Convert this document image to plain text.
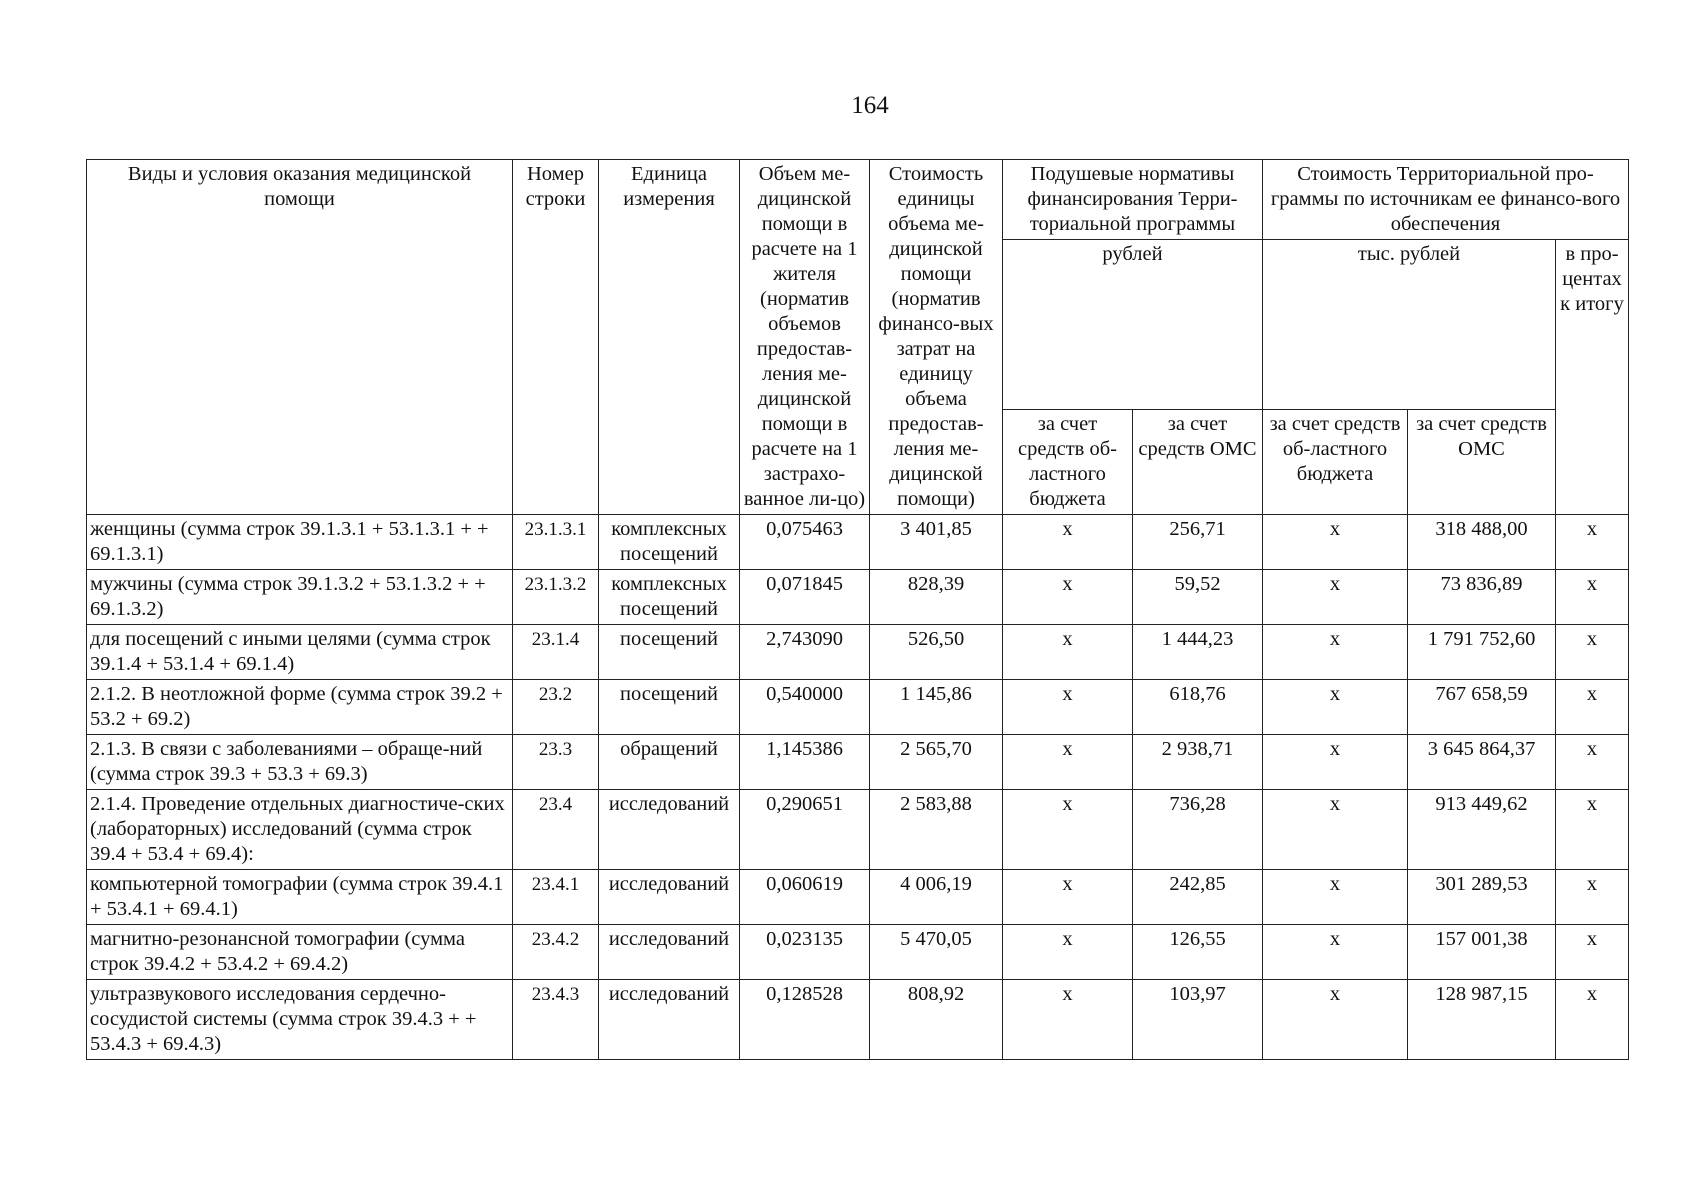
164
Виды и условия оказания медицинской помощи	Номер строки	Единица измерения	Объем ме-дицинской помощи в расчете на 1 жителя (норматив объемов предостав-ления ме-дицинской помощи в расчете на 1 застрахо-ванное ли-цо)	Стоимость единицы объема ме-дицинской помощи (норматив финансо-вых затрат на единицу объема предостав-ления ме-дицинской помощи)	Подушевые нормативы финансирования Терри-ториальной программы		Стоимость Территориальной про-граммы по источникам ее финансо-вого обеспечения		
					рублей		тыс. рублей		в про-центах к итогу
					за счет средств об-ластного бюджета	за счет средств ОМС	за счет средств об-ластного бюджета	за счет средств ОМС	
женщины (сумма строк 39.1.3.1 + 53.1.3.1 + + 69.1.3.1)	23.1.3.1	комплексных посещений	0,075463	3 401,85	х	256,71	х	318 488,00	х
мужчины (сумма строк 39.1.3.2 + 53.1.3.2 + + 69.1.3.2)	23.1.3.2	комплексных посещений	0,071845	828,39	х	59,52	х	73 836,89	х
для посещений с иными целями (сумма строк 39.1.4 + 53.1.4 + 69.1.4)	23.1.4	посещений	2,743090	526,50	х	1 444,23	х	1 791 752,60	х
2.1.2. В неотложной форме (сумма строк 39.2 + 53.2 + 69.2)	23.2	посещений	0,540000	1 145,86	х	618,76	х	767 658,59	х
2.1.3. В связи с заболеваниями – обраще-ний (сумма строк 39.3 + 53.3 + 69.3)	23.3	обращений	1,145386	2 565,70	х	2 938,71	х	3 645 864,37	х
2.1.4. Проведение отдельных диагностиче-ских (лабораторных) исследований (сумма строк 39.4 + 53.4 + 69.4):	23.4	исследований	0,290651	2 583,88	х	736,28	х	913 449,62	х
компьютерной томографии (сумма строк 39.4.1 + 53.4.1 + 69.4.1)	23.4.1	исследований	0,060619	4 006,19	х	242,85	х	301 289,53	х
магнитно-резонансной томографии (сумма строк 39.4.2 + 53.4.2 + 69.4.2)	23.4.2	исследований	0,023135	5 470,05	х	126,55	х	157 001,38	х
ультразвукового исследования сердечно-сосудистой системы (сумма строк 39.4.3 + + 53.4.3 + 69.4.3)	23.4.3	исследований	0,128528	808,92	х	103,97	х	128 987,15	х
